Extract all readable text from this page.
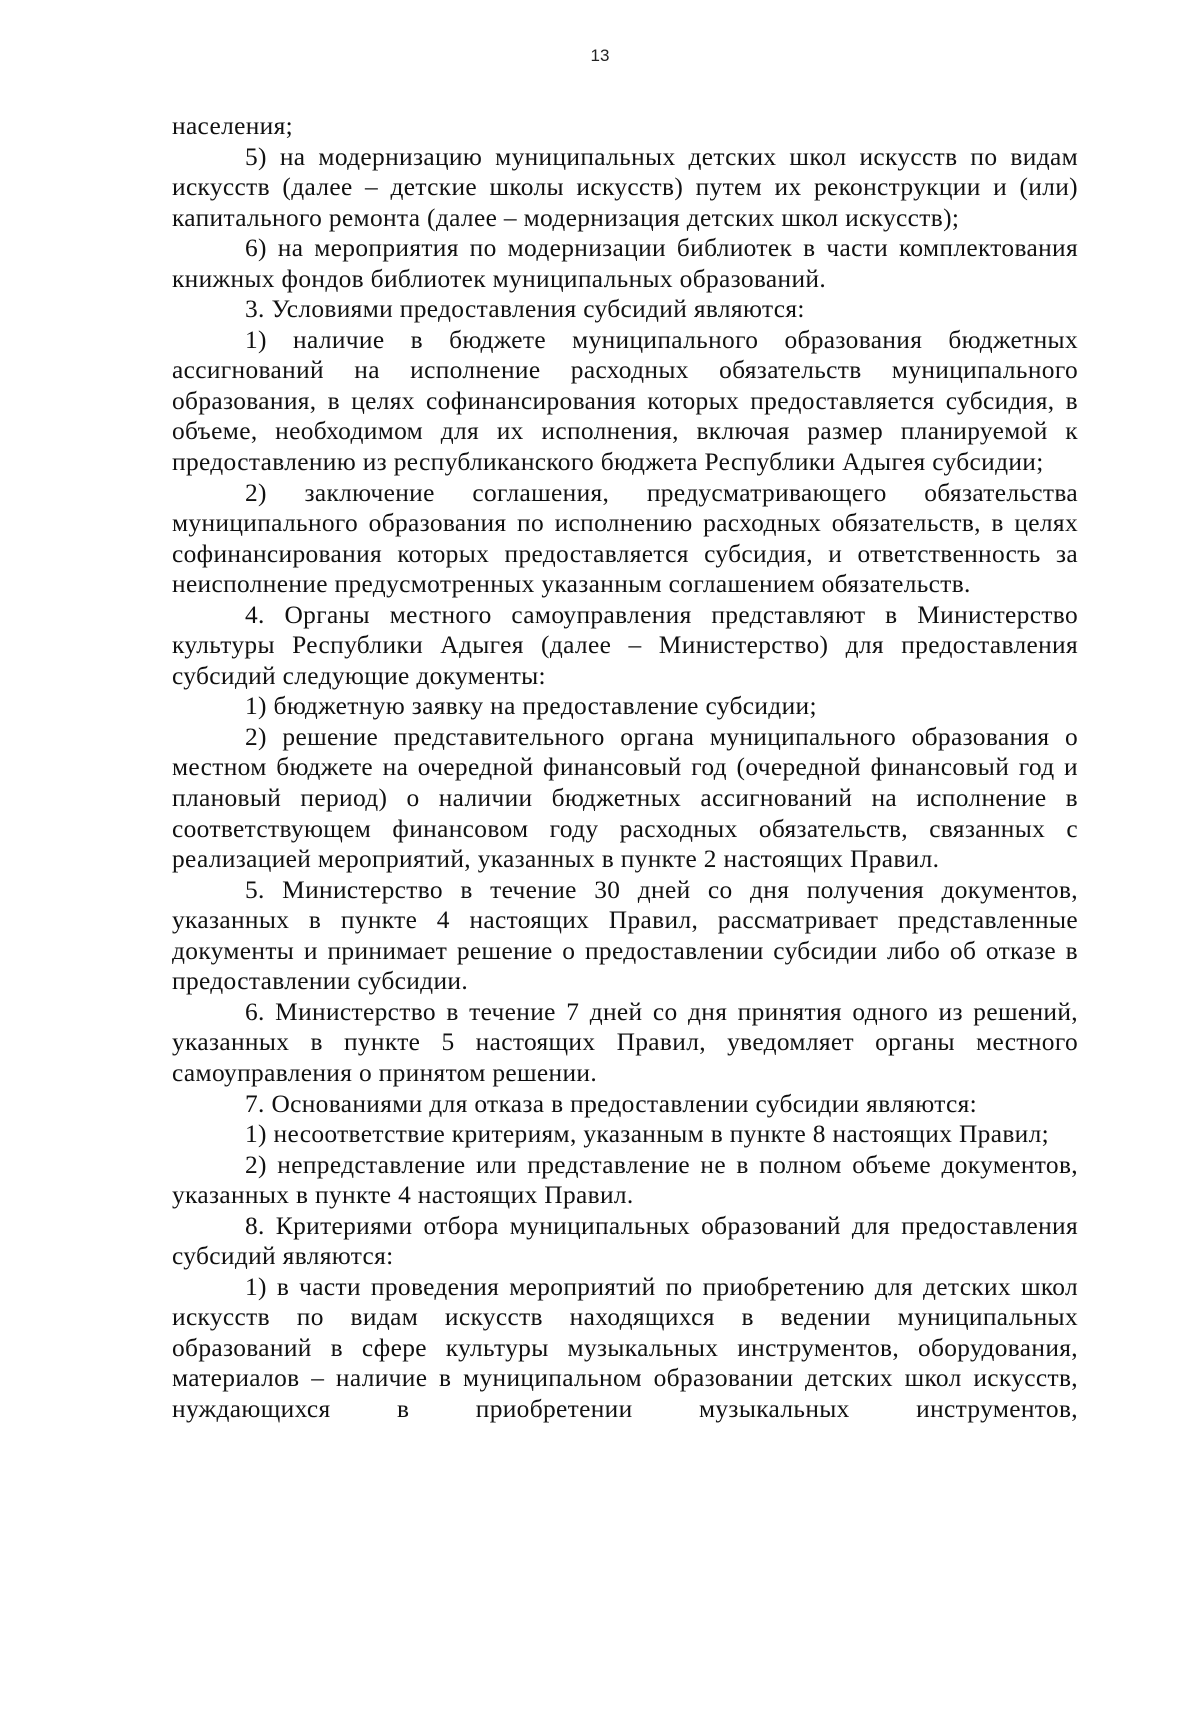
13

населения;

5) на модернизацию муниципальных детских школ искусств по видам искусств (далее – детские школы искусств) путем их реконструкции и (или) капитального ремонта (далее – модернизация детских школ искусств);

6) на мероприятия по модернизации библиотек в части комплектования книжных фондов библиотек муниципальных образований.

3. Условиями предоставления субсидий являются:

1) наличие в бюджете муниципального образования бюджетных ассигнований на исполнение расходных обязательств муниципального образования, в целях софинансирования которых предоставляется субсидия, в объеме, необходимом для их исполнения, включая размер планируемой к предоставлению из республиканского бюджета Республики Адыгея субсидии;

2) заключение соглашения, предусматривающего обязательства муниципального образования по исполнению расходных обязательств, в целях софинансирования которых предоставляется субсидия, и ответственность за неисполнение предусмотренных указанным соглашением обязательств.

4. Органы местного самоуправления представляют в Министерство культуры Республики Адыгея (далее – Министерство) для предоставления субсидий следующие документы:

1) бюджетную заявку на предоставление субсидии;

2) решение представительного органа муниципального образования о местном бюджете на очередной финансовый год (очередной финансовый год и плановый период) о наличии бюджетных ассигнований на исполнение в соответствующем финансовом году расходных обязательств, связанных с реализацией мероприятий, указанных в пункте 2 настоящих Правил.

5. Министерство в течение 30 дней со дня получения документов, указанных в пункте 4 настоящих Правил, рассматривает представленные документы и принимает решение о предоставлении субсидии либо об отказе в предоставлении субсидии.

6. Министерство в течение 7 дней со дня принятия одного из решений, указанных в пункте 5 настоящих Правил, уведомляет органы местного самоуправления о принятом решении.

7. Основаниями для отказа в предоставлении субсидии являются:

1) несоответствие критериям, указанным в пункте 8 настоящих Правил;

2) непредставление или представление не в полном объеме документов, указанных в пункте 4 настоящих Правил.

8. Критериями отбора муниципальных образований для предоставления субсидий являются:

1) в части проведения мероприятий по приобретению для детских школ искусств по видам искусств находящихся в ведении муниципальных образований в сфере культуры музыкальных инструментов, оборудования, материалов – наличие в муниципальном образовании детских школ искусств, нуждающихся в приобретении музыкальных инструментов,
